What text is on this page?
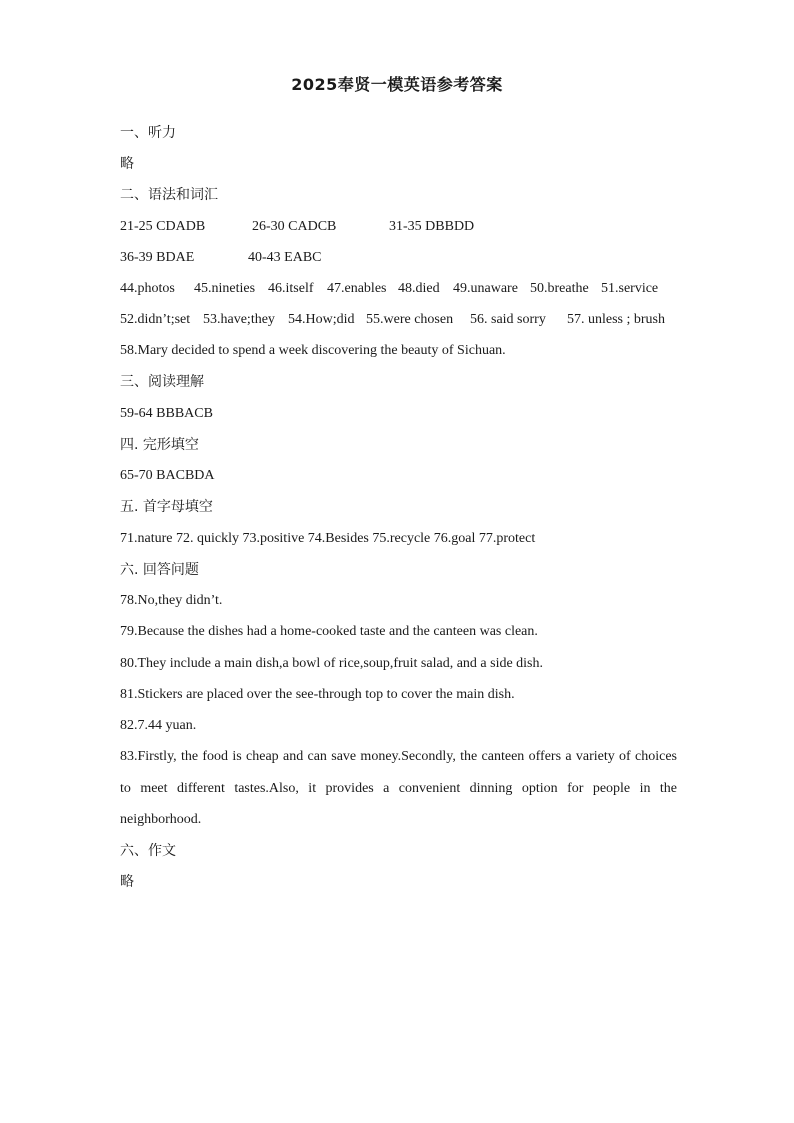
2025奉贤一模英语参考答案
一、听力
略
二、语法和词汇
21-25 CDADB	26-30 CADCB	31-35 DBBDD
36-39 BDAE	40-43 EABC
44.photos 45.nineties 46.itself 47.enables 48.died 49.unaware 50.breathe 51.service
52.didn’t;set 53.have;they 54.How;did 55.were chosen 56. said sorry 57. unless ; brush
58.Mary decided to spend a week discovering the beauty of Sichuan.
三、阅读理解
59-64 BBBACB
四. 完形填空
65-70 BACBDA
五. 首字母填空
71.nature 72. quickly 73.positive 74.Besides 75.recycle 76.goal 77.protect
六. 回答问题
78.No,they didn’t.
79.Because the dishes had a home-cooked taste and the canteen was clean.
80.They include a main dish,a bowl of rice,soup,fruit salad, and a side dish.
81.Stickers are placed over the see-through top to cover the main dish.
82.7.44 yuan.
83.Firstly, the food is cheap and can save money.Secondly, the canteen offers a variety of choices
to meet different tastes.Also, it provides a convenient dinning option for people in the
neighborhood.
六、作文
略
